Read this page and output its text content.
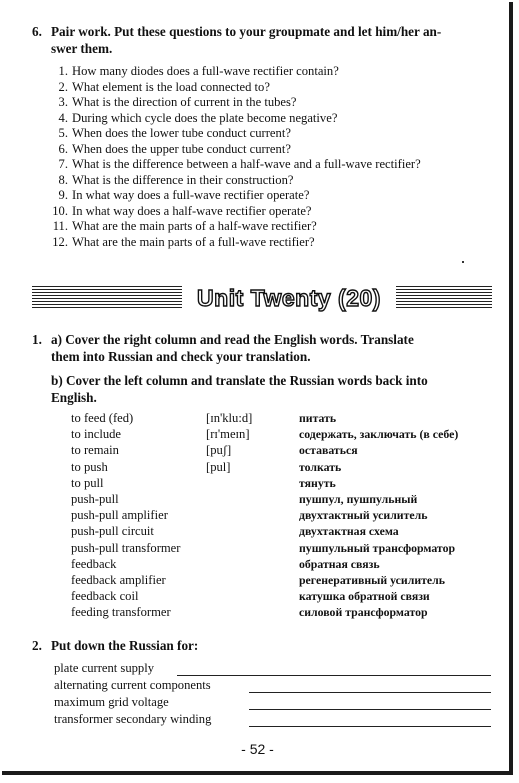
6. Pair work. Put these questions to your groupmate and let him/her an-
swer them.
1. How many diodes does a full-wave rectifier contain?
2. What element is the load connected to?
3. What is the direction of current in the tubes?
4. During which cycle does the plate become negative?
5. When does the lower tube conduct current?
6. When does the upper tube conduct current?
7. What is the difference between a half-wave and a full-wave rectifier?
8. What is the difference in their construction?
9. In what way does a full-wave rectifier operate?
10. In what way does a half-wave rectifier operate?
11. What are the main parts of a half-wave rectifier?
12. What are the main parts of a full-wave rectifier?
Unit Twenty (20)
1. a) Cover the right column and read the English words. Translate
them into Russian and check your translation.
b) Cover the left column and translate the Russian words back into
English.
to feed (fed)
to include
to remain
to push
to pull
push-pull
push-pull amplifier
push-pull circuit
push-pull transformer
feedback
feedback amplifier
feedback coil
feeding transformer
[ɪn'klu:d]
[rɪ'meɪn]
[puʃ]
[pul]
питать
содержать, заключать (в себе)
оставаться
толкать
тянуть
пушпул, пушпульный
двухтактный усилитель
двухтактная схема
пушпульный трансформатор
обратная связь
регенеративный усилитель
катушка обратной связи
силовой трансформатор
2. Put down the Russian for:
plate current supply
alternating current components
maximum grid voltage
transformer secondary winding
- 52 -
